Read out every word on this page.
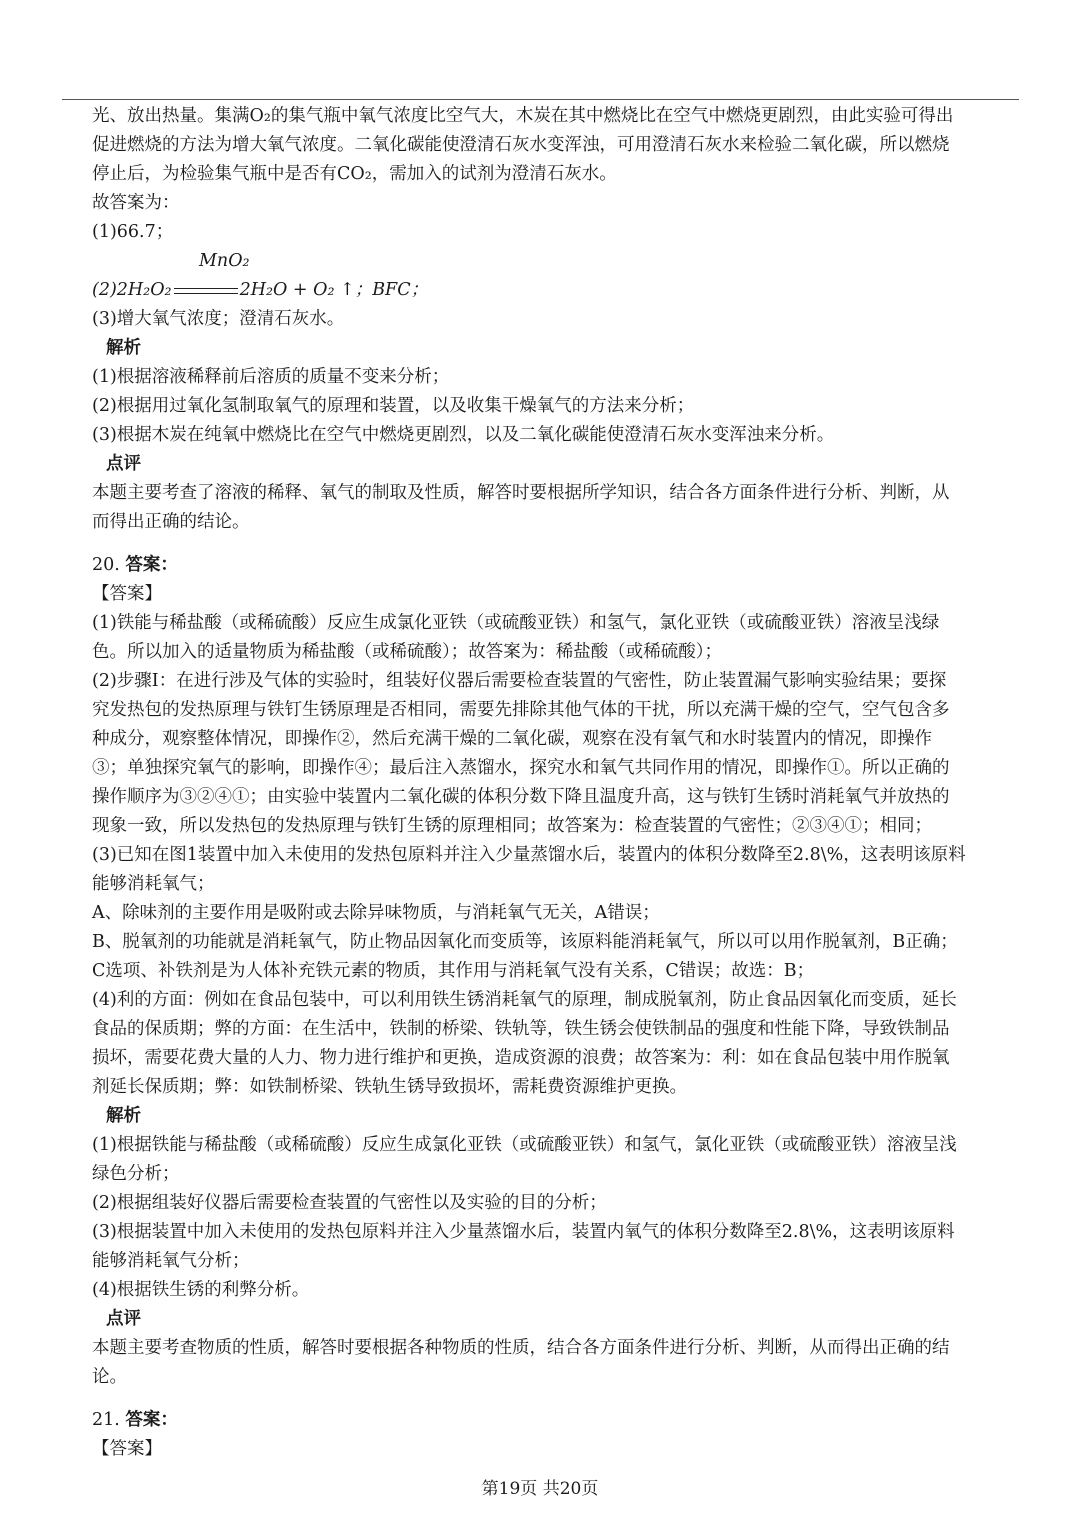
光、放出热量。集满O₂的集气瓶中氧气浓度比空气大，木炭在其中燃烧比在空气中燃烧更剧烈，由此实验可得出

促进燃烧的方法为增大氧气浓度。二氧化碳能使澄清石灰水变浑浊，可用澄清石灰水来检验二氧化碳，所以燃烧

停止后，为检验集气瓶中是否有CO₂，需加入的试剂为澄清石灰水。

故答案为：

(1)66.7；

MnO₂
(2)2H₂O₂	2H₂O + O₂ ↑；BFC；

(3)增大氧气浓度；澄清石灰水。

解析

(1)根据溶液稀释前后溶质的质量不变来分析；

(2)根据用过氧化氢制取氧气的原理和装置，以及收集干燥氧气的方法来分析；

(3)根据木炭在纯氧中燃烧比在空气中燃烧更剧烈，以及二氧化碳能使澄清石灰水变浑浊来分析。

点评

本题主要考查了溶液的稀释、氧气的制取及性质，解答时要根据所学知识，结合各方面条件进行分析、判断，从

而得出正确的结论。

20. 答案：

【答案】

(1)铁能与稀盐酸（或稀硫酸）反应生成氯化亚铁（或硫酸亚铁）和氢气，氯化亚铁（或硫酸亚铁）溶液呈浅绿

色。所以加入的适量物质为稀盐酸（或稀硫酸）；故答案为：稀盐酸（或稀硫酸）；

(2)步骤Ⅰ：在进行涉及气体的实验时，组装好仪器后需要检查装置的气密性，防止装置漏气影响实验结果；要探

究发热包的发热原理与铁钉生锈原理是否相同，需要先排除其他气体的干扰，所以充满干燥的空气，空气包含多

种成分，观察整体情况，即操作②，然后充满干燥的二氧化碳，观察在没有氧气和水时装置内的情况，即操作

③；单独探究氧气的影响，即操作④；最后注入蒸馏水，探究水和氧气共同作用的情况，即操作①。所以正确的

操作顺序为③②④①；由实验中装置内二氧化碳的体积分数下降且温度升高，这与铁钉生锈时消耗氧气并放热的

现象一致，所以发热包的发热原理与铁钉生锈的原理相同；故答案为：检查装置的气密性；②③④①；相同；

(3)已知在图1装置中加入未使用的发热包原料并注入少量蒸馏水后，装置内的体积分数降至2.8\%，这表明该原料

能够消耗氧气；

A、除味剂的主要作用是吸附或去除异味物质，与消耗氧气无关，A错误；

B、脱氧剂的功能就是消耗氧气，防止物品因氧化而变质等，该原料能消耗氧气，所以可以用作脱氧剂，B正确；

C选项、补铁剂是为人体补充铁元素的物质，其作用与消耗氧气没有关系，C错误；故选：B；

(4)利的方面：例如在食品包装中，可以利用铁生锈消耗氧气的原理，制成脱氧剂，防止食品因氧化而变质，延长

食品的保质期；弊的方面：在生活中，铁制的桥梁、铁轨等，铁生锈会使铁制品的强度和性能下降，导致铁制品

损坏，需要花费大量的人力、物力进行维护和更换，造成资源的浪费；故答案为：利：如在食品包装中用作脱氧

剂延长保质期；弊：如铁制桥梁、铁轨生锈导致损坏，需耗费资源维护更换。

解析

(1)根据铁能与稀盐酸（或稀硫酸）反应生成氯化亚铁（或硫酸亚铁）和氢气，氯化亚铁（或硫酸亚铁）溶液呈浅

绿色分析；

(2)根据组装好仪器后需要检查装置的气密性以及实验的目的分析；

(3)根据装置中加入未使用的发热包原料并注入少量蒸馏水后，装置内氧气的体积分数降至2.8\%，这表明该原料

能够消耗氧气分析；

(4)根据铁生锈的利弊分析。

点评

本题主要考查物质的性质，解答时要根据各种物质的性质，结合各方面条件进行分析、判断，从而得出正确的结

论。

21. 答案：

【答案】

第19页 共20页
